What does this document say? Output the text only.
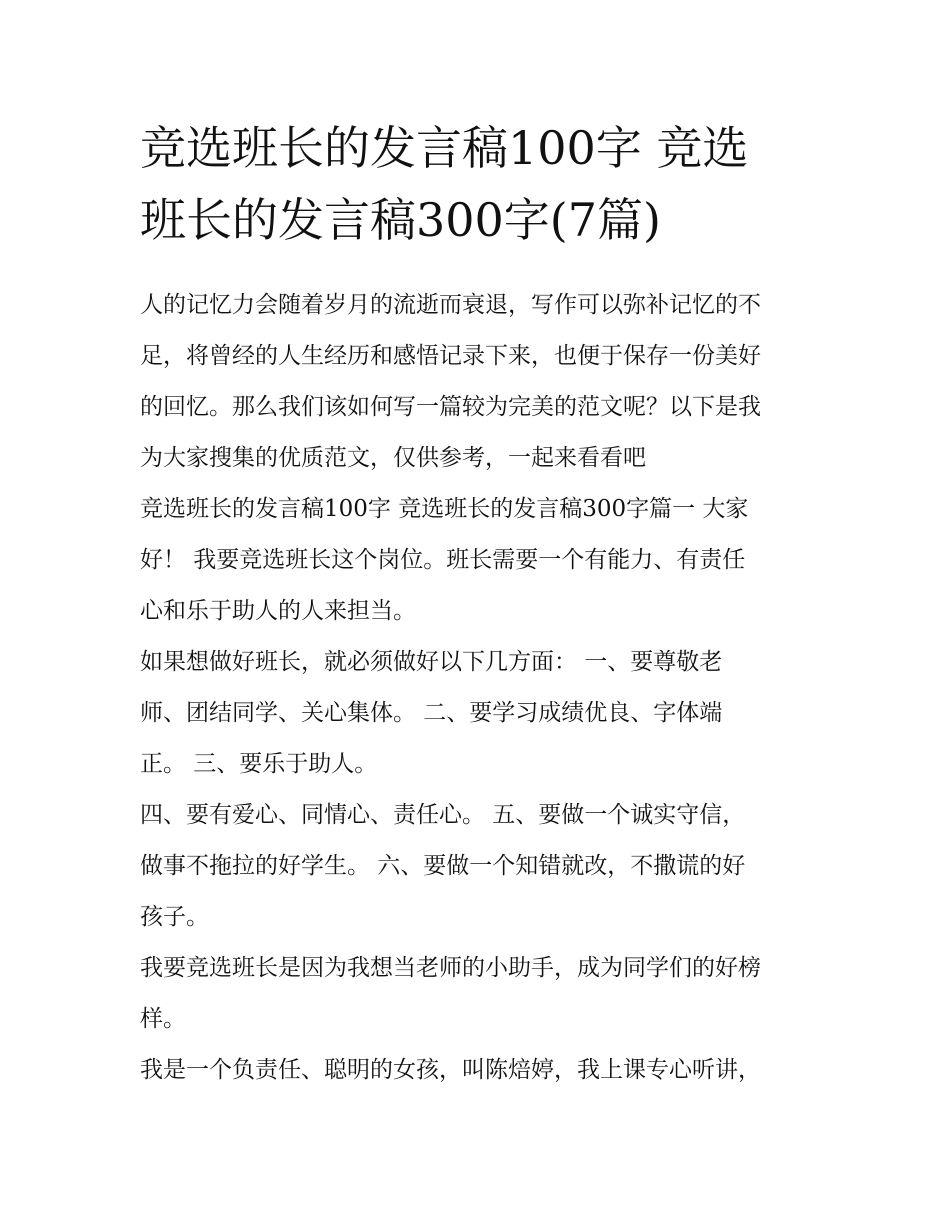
竞选班长的发言稿100字 竞选
班长的发言稿300字(7篇)
人的记忆力会随着岁月的流逝而衰退，写作可以弥补记忆的不
足，将曾经的人生经历和感悟记录下来，也便于保存一份美好
的回忆。那么我们该如何写一篇较为完美的范文呢？以下是我
为大家搜集的优质范文，仅供参考，一起来看看吧
竞选班长的发言稿100字 竞选班长的发言稿300字篇一 大家
好！ 我要竞选班长这个岗位。班长需要一个有能力、有责任
心和乐于助人的人来担当。
如果想做好班长，就必须做好以下几方面： 一、要尊敬老
师、团结同学、关心集体。 二、要学习成绩优良、字体端
正。 三、要乐于助人。
四、要有爱心、同情心、责任心。 五、要做一个诚实守信，
做事不拖拉的好学生。 六、要做一个知错就改，不撒谎的好
孩子。
我要竞选班长是因为我想当老师的小助手，成为同学们的好榜
样。
我是一个负责任、聪明的女孩，叫陈焙婷，我上课专心听讲，
